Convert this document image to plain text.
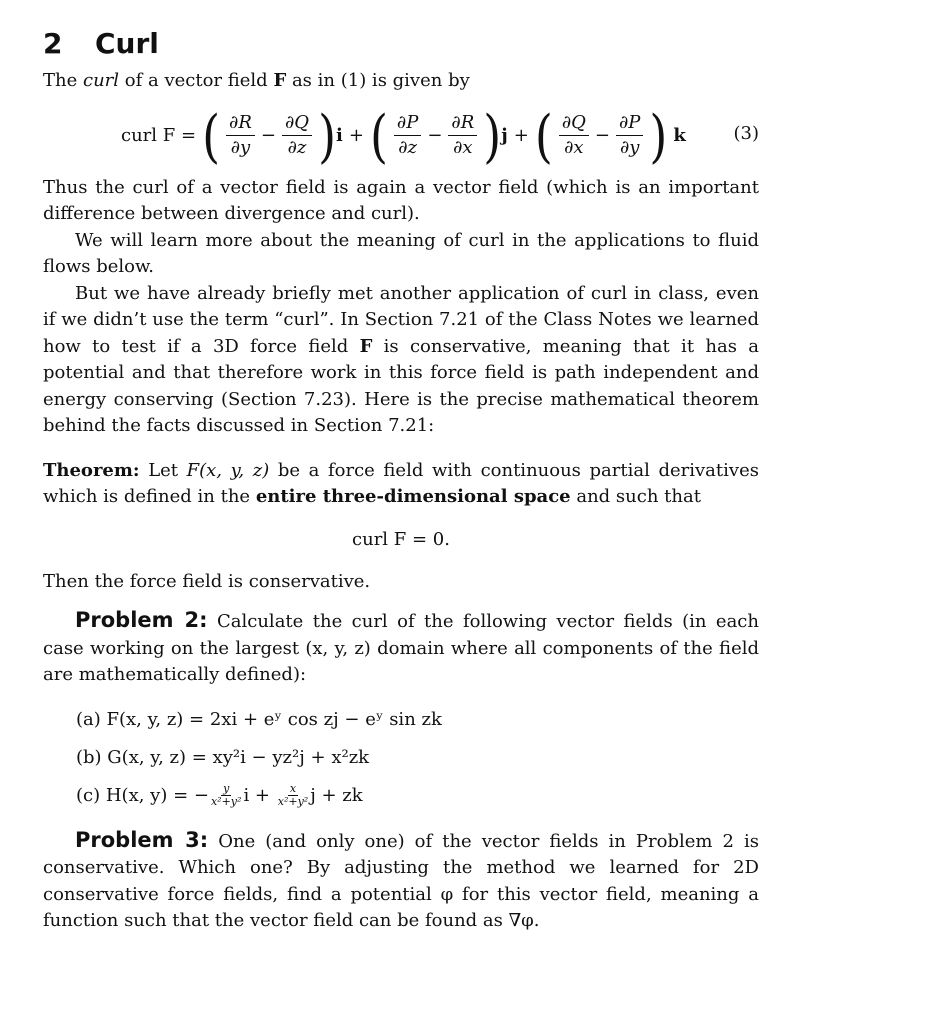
2 Curl

The curl of a vector field F as in (1) is given by

curl F = ( $\frac{\partial R}{\partial y} - \frac{\partial Q}{\partial z}$ ) i + ( $\frac{\partial P}{\partial z} - \frac{\partial R}{\partial x}$ ) j + ( $\frac{\partial Q}{\partial x} - \frac{\partial P}{\partial y}$ ) k	(3)

Thus the curl of a vector field is again a vector field (which is an important difference between divergence and curl).

We will learn more about the meaning of curl in the applications to fluid flows below.

But we have already briefly met another application of curl in class, even if we didn’t use the term “curl”. In Section 7.21 of the Class Notes we learned how to test if a 3D force field F is conservative, meaning that it has a potential and that therefore work in this force field is path independent and energy conserving (Section 7.23). Here is the precise mathematical theorem behind the facts discussed in Section 7.21:

Theorem: Let F(x, y, z) be a force field with continuous partial derivatives which is defined in the entire three-dimensional space and such that

curl F = 0.

Then the force field is conservative.

Problem 2: Calculate the curl of the following vector fields (in each case working on the largest (x, y, z) domain where all components of the field are mathematically defined):

(a) F(x, y, z) = 2xi + eʸ cos zj − eʸ sin zk
(b) G(x, y, z) = xy²i − yz²j + x²zk
(c) H(x, y) = − $\frac{y}{\text{x²+y²}}$ $i + \frac{x}{\text{x²+y²}}$ j + zk

Problem 3: One (and only one) of the vector fields in Problem 2 is conservative. Which one? By adjusting the method we learned for 2D conservative force fields, find a potential φ for this vector field, meaning a function such that the vector field can be found as ∇φ.
